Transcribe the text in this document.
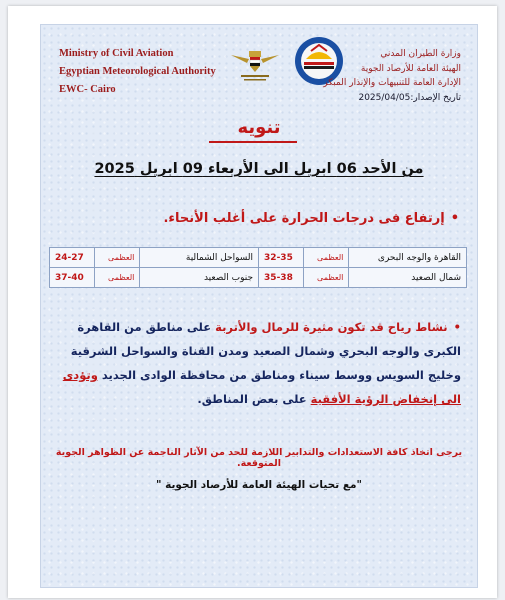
Ministry of Civil Aviation
Egyptian Meteorological Authority
EWC- Cairo
وزارة الطيران المدني
الهيئة العامة للأرصاد الجوية
الإدارة العامة للتنبيهات والإنذار المبكر
تاريخ الإصدار:2025/04/05
تنويه
من الأحد 06 ابريل الى الأربعاء 09 ابريل 2025
•إرتفاع فى درجات الحرارة على أغلب الأنحاء.
القاهرة والوجه البحرى	العظمى	32-35	السواحل الشمالية	العظمى	24-27
شمال الصعيد	العظمى	35-38	جنوب الصعيد	العظمى	37-40
•نشاط رياح قد تكون مثيرة للرمال والأتربة على مناطق من القاهرة الكبرى والوجه البحري وشمال الصعيد ومدن القناة والسواحل الشرقية وخليج السويس ووسط سيناء ومناطق من محافظة الوادى الجديد وتؤدى الى إنخفاض الرؤية الأفقية على بعض المناطق.
يرجى اتخاذ كافة الاستعدادات والتدابير اللازمة للحد من الآثار الناجمة عن الظواهر الجوية المتوقعة.
"مع تحيات الهيئة العامة للأرصاد الجوية "
